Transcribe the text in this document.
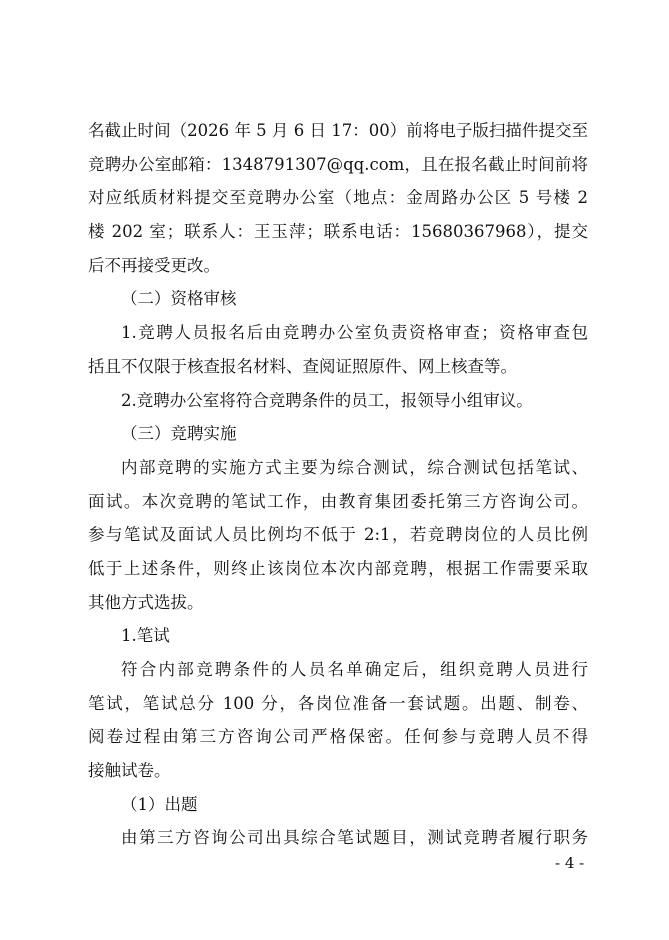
名截止时间（2026 年 5 月 6 日 17：00）前将电子版扫描件提交至
竞聘办公室邮箱：1348791307@qq.com，且在报名截止时间前将
对应纸质材料提交至竞聘办公室（地点：金周路办公区 5 号楼 2
楼 202 室；联系人：王玉萍；联系电话：15680367968），提交
后不再接受更改。
（二）资格审核
1.竞聘人员报名后由竞聘办公室负责资格审查；资格审查包
括且不仅限于核查报名材料、查阅证照原件、网上核查等。
2.竞聘办公室将符合竞聘条件的员工，报领导小组审议。
（三）竞聘实施
内部竞聘的实施方式主要为综合测试，综合测试包括笔试、
面试。本次竞聘的笔试工作，由教育集团委托第三方咨询公司。
参与笔试及面试人员比例均不低于 2:1，若竞聘岗位的人员比例
低于上述条件，则终止该岗位本次内部竞聘，根据工作需要采取
其他方式选拔。
1.笔试
符合内部竞聘条件的人员名单确定后，组织竞聘人员进行
笔试，笔试总分 100 分，各岗位准备一套试题。出题、制卷、
阅卷过程由第三方咨询公司严格保密。任何参与竞聘人员不得
接触试卷。
（1）出题
由第三方咨询公司出具综合笔试题目，测试竞聘者履行职务
- 4 -
